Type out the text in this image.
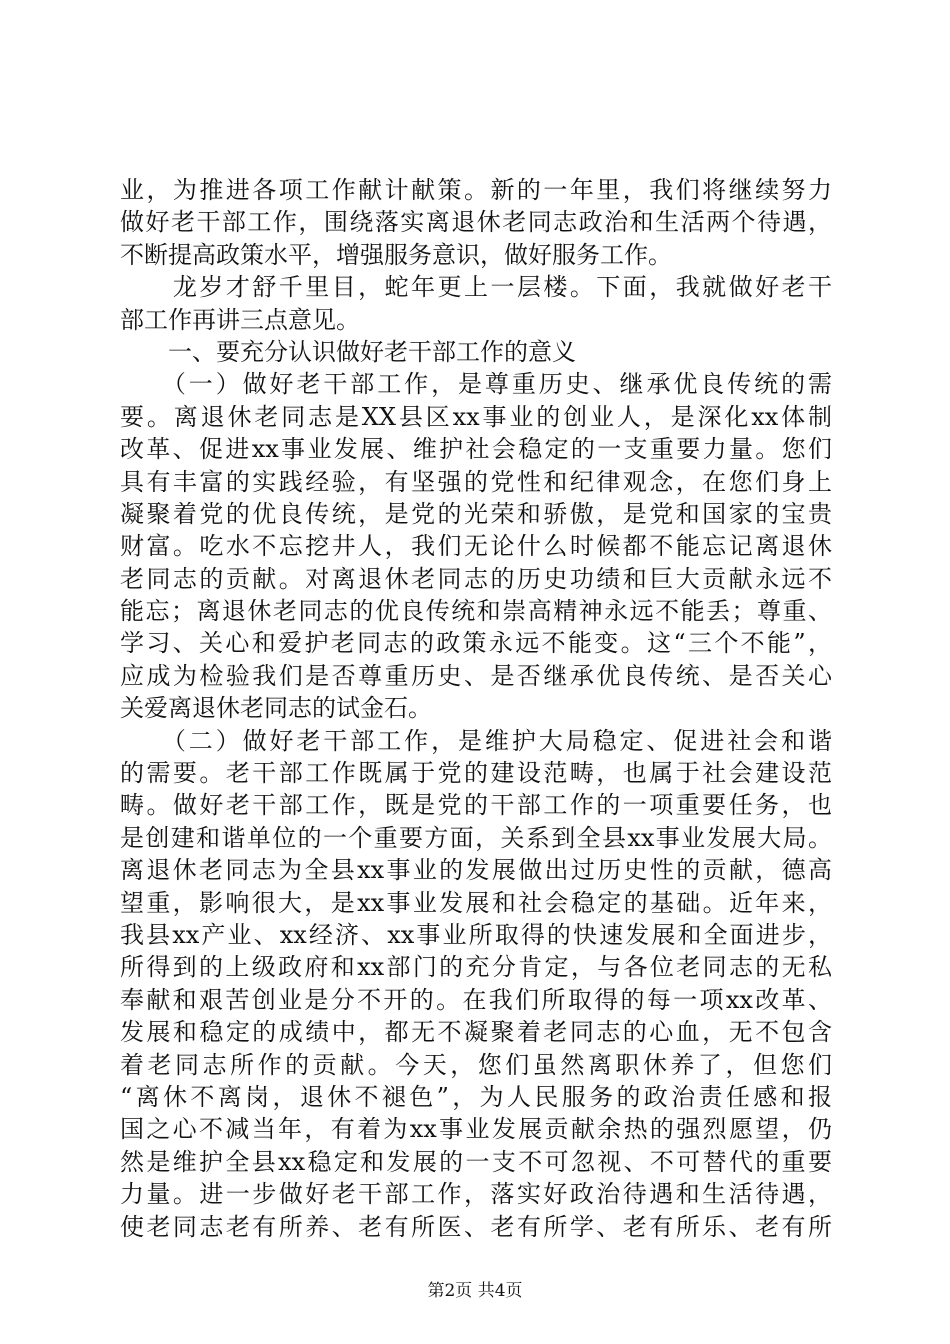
业，为推进各项工作献计献策。新的一年里，我们将继续努力
做好老干部工作，围绕落实离退休老同志政治和生活两个待遇，
不断提高政策水平，增强服务意识，做好服务工作。
　　龙岁才舒千里目，蛇年更上一层楼。下面，我就做好老干
部工作再讲三点意见。
　　一、要充分认识做好老干部工作的意义
　　（一）做好老干部工作，是尊重历史、继承优良传统的需
要。离退休老同志是XX县区xx事业的创业人，是深化xx体制
改革、促进xx事业发展、维护社会稳定的一支重要力量。您们
具有丰富的实践经验，有坚强的党性和纪律观念，在您们身上
凝聚着党的优良传统，是党的光荣和骄傲，是党和国家的宝贵
财富。吃水不忘挖井人，我们无论什么时候都不能忘记离退休
老同志的贡献。对离退休老同志的历史功绩和巨大贡献永远不
能忘；离退休老同志的优良传统和崇高精神永远不能丢；尊重、
学习、关心和爱护老同志的政策永远不能变。这“三个不能”，
应成为检验我们是否尊重历史、是否继承优良传统、是否关心
关爱离退休老同志的试金石。
　　（二）做好老干部工作，是维护大局稳定、促进社会和谐
的需要。老干部工作既属于党的建设范畴，也属于社会建设范
畴。做好老干部工作，既是党的干部工作的一项重要任务，也
是创建和谐单位的一个重要方面，关系到全县xx事业发展大局。
离退休老同志为全县xx事业的发展做出过历史性的贡献，德高
望重，影响很大，是xx事业发展和社会稳定的基础。近年来，
我县xx产业、xx经济、xx事业所取得的快速发展和全面进步，
所得到的上级政府和xx部门的充分肯定，与各位老同志的无私
奉献和艰苦创业是分不开的。在我们所取得的每一项xx改革、
发展和稳定的成绩中，都无不凝聚着老同志的心血，无不包含
着老同志所作的贡献。今天，您们虽然离职休养了，但您们
“离休不离岗，退休不褪色”，为人民服务的政治责任感和报
国之心不减当年，有着为xx事业发展贡献余热的强烈愿望，仍
然是维护全县xx稳定和发展的一支不可忽视、不可替代的重要
力量。进一步做好老干部工作，落实好政治待遇和生活待遇，
使老同志老有所养、老有所医、老有所学、老有所乐、老有所
第2页 共4页
